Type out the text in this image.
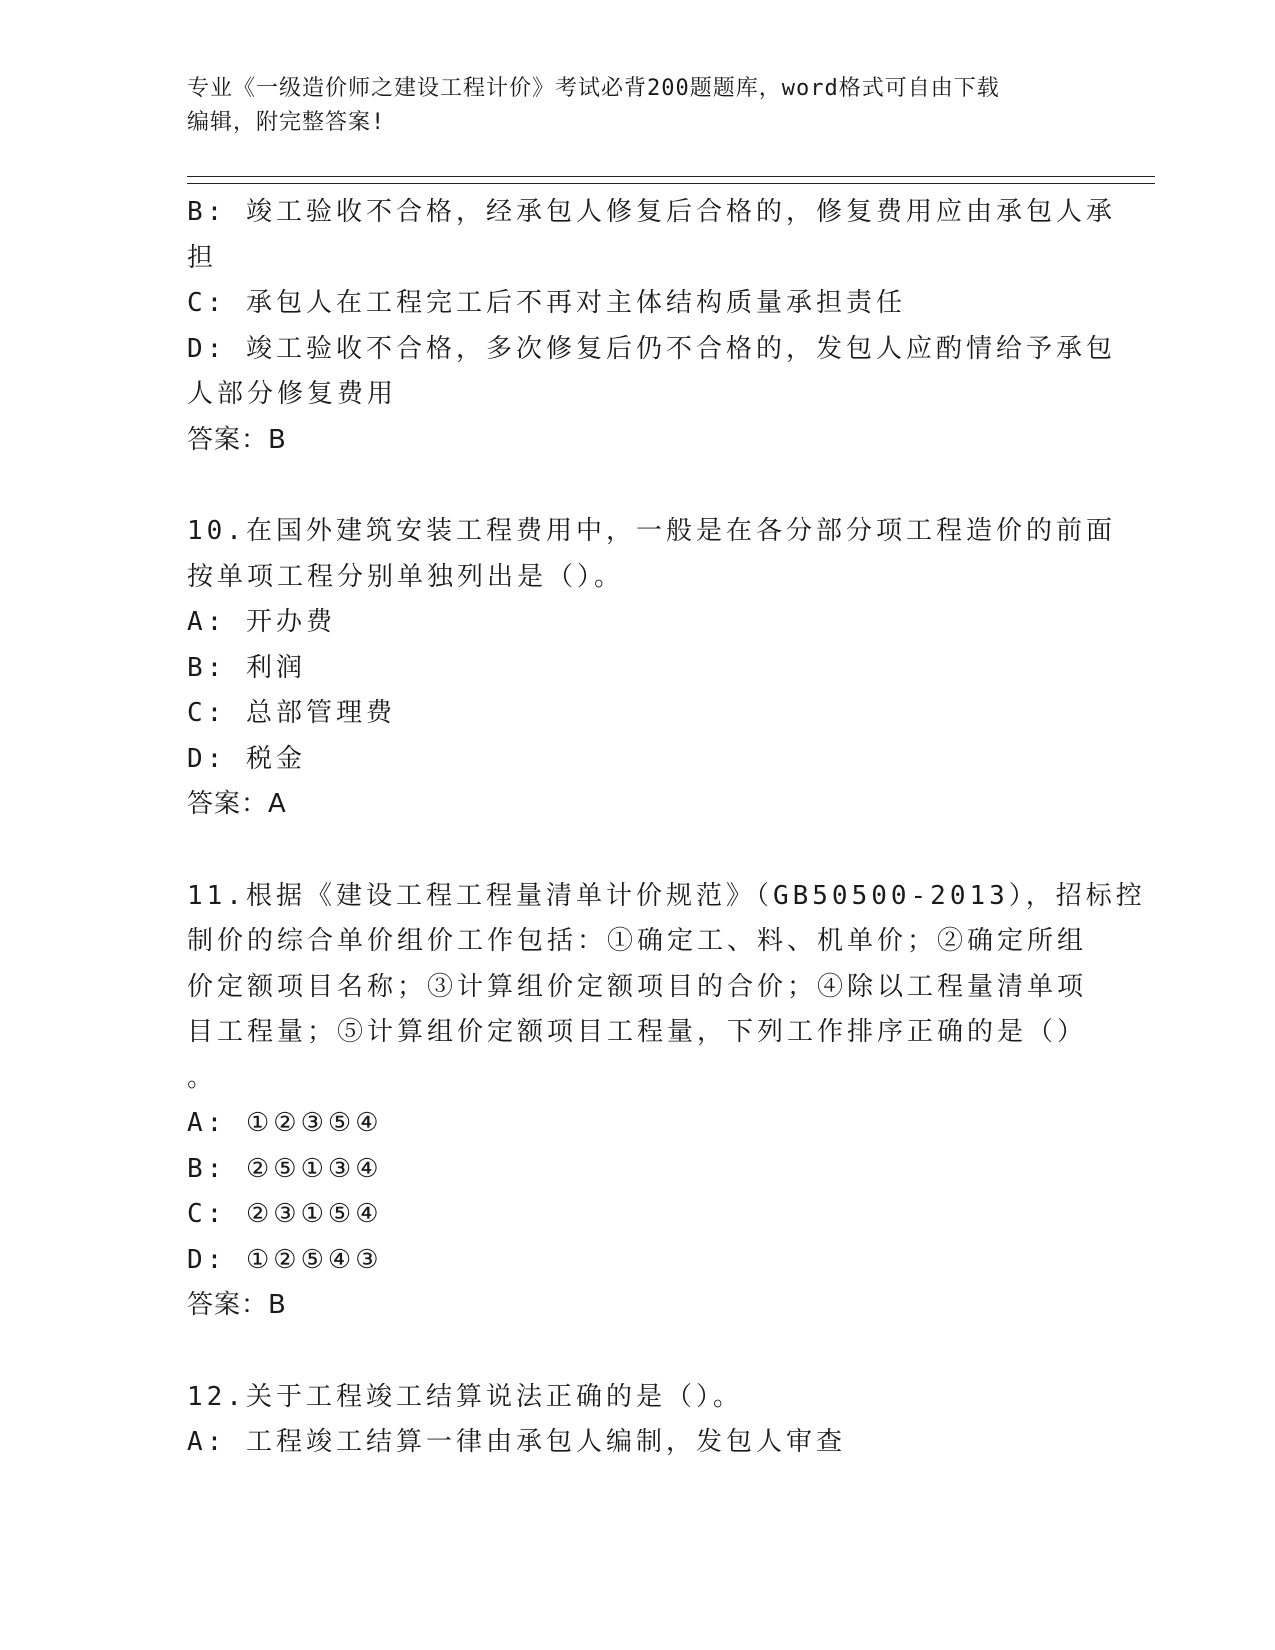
专业《一级造价师之建设工程计价》考试必背200题题库，word格式可自由下载
编辑，附完整答案!
B: 竣工验收不合格，经承包人修复后合格的，修复费用应由承包人承
担
C: 承包人在工程完工后不再对主体结构质量承担责任
D: 竣工验收不合格，多次修复后仍不合格的，发包人应酌情给予承包
人部分修复费用
答案：B
10.在国外建筑安装工程费用中，一般是在各分部分项工程造价的前面
按单项工程分别单独列出是（）。
A: 开办费
B: 利润
C: 总部管理费
D: 税金
答案：A
11.根据《建设工程工程量清单计价规范》（GB50500-2013），招标控
制价的综合单价组价工作包括：①确定工、料、机单价；②确定所组
价定额项目名称；③计算组价定额项目的合价；④除以工程量清单项
目工程量；⑤计算组价定额项目工程量，下列工作排序正确的是（）
。
A: ①②③⑤④
B: ②⑤①③④
C: ②③①⑤④
D: ①②⑤④③
答案：B
12.关于工程竣工结算说法正确的是（）。
A: 工程竣工结算一律由承包人编制，发包人审查
